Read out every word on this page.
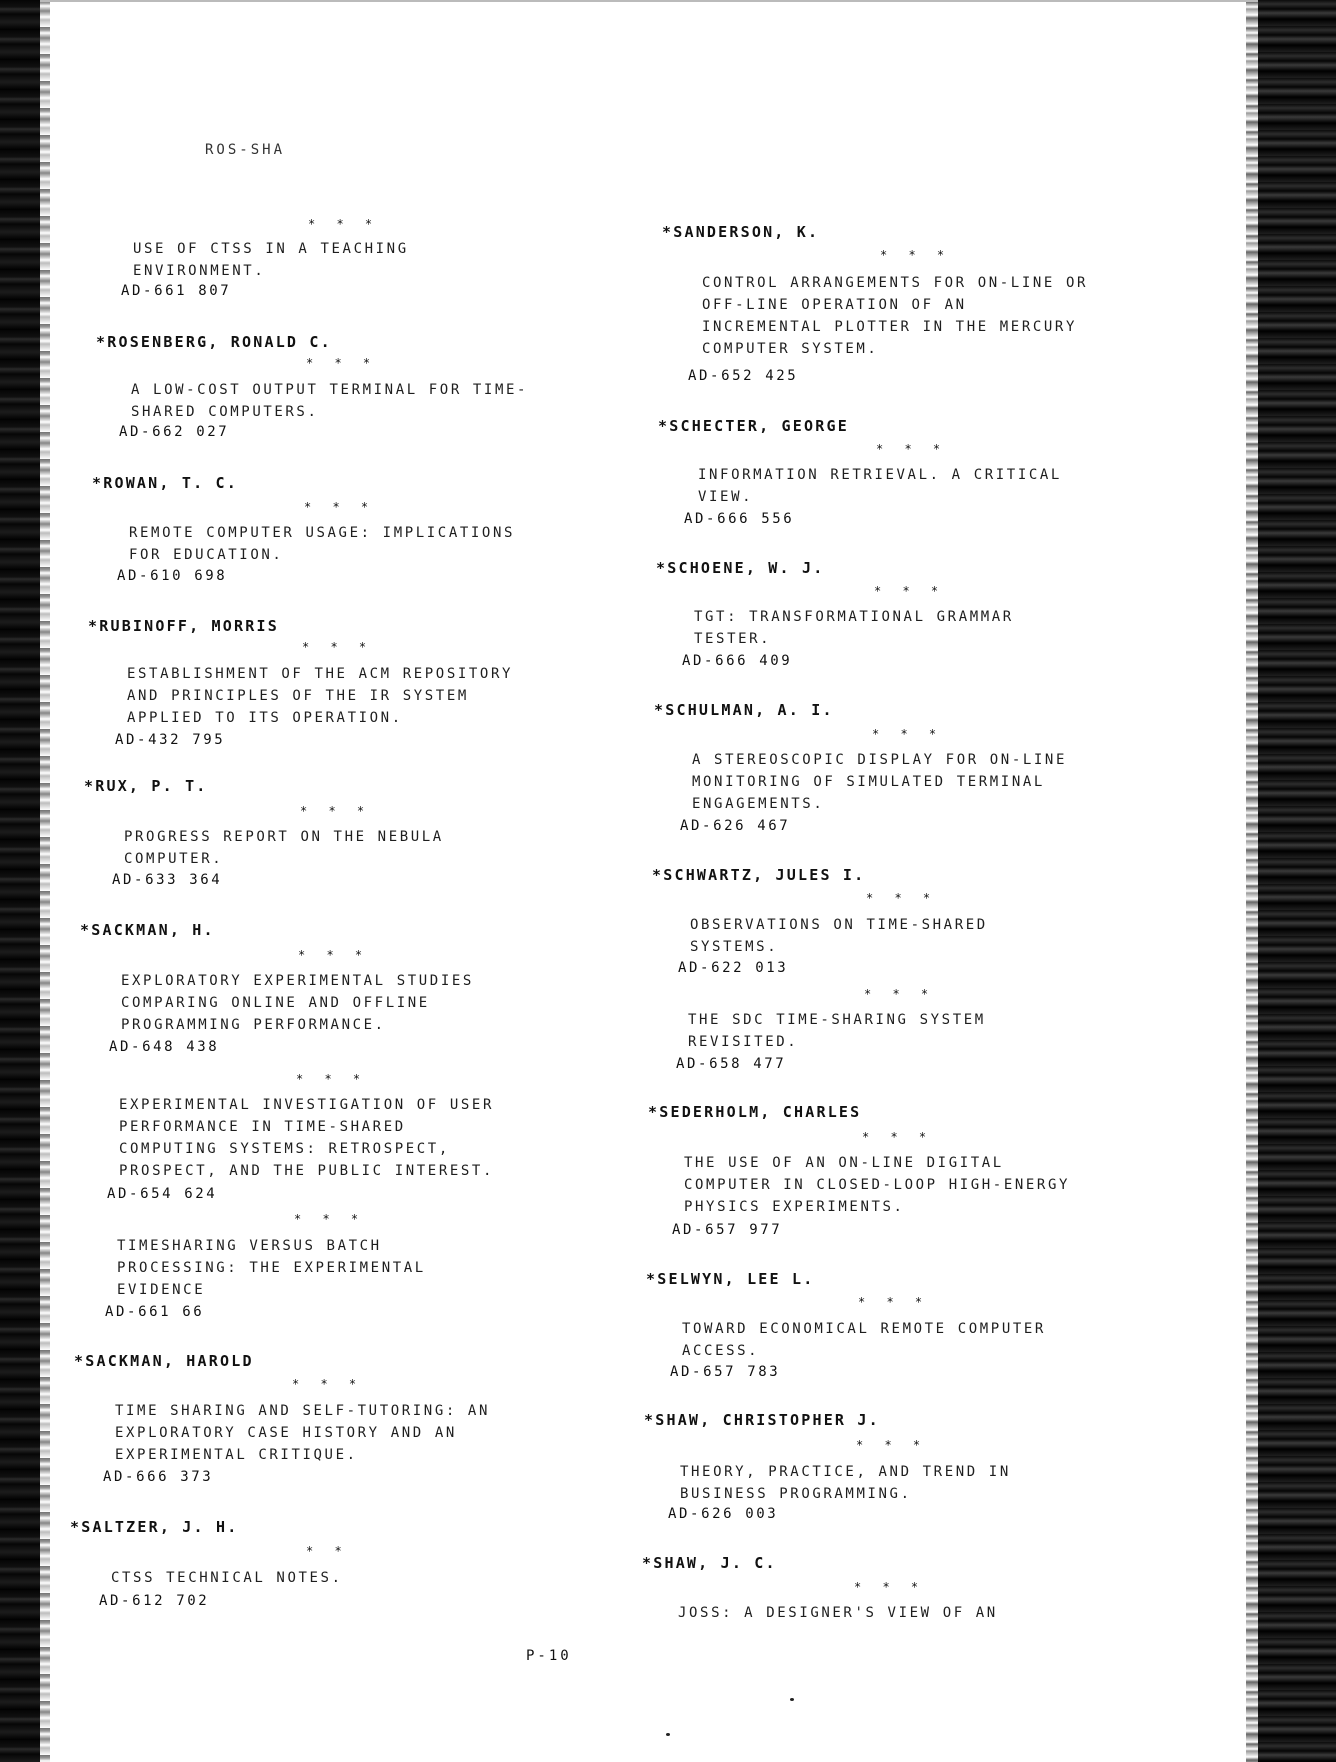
ROS-SHA
* * *
USE OF CTSS IN A TEACHING
ENVIRONMENT.
AD-661 807
*ROSENBERG, RONALD C.
* * *
A LOW-COST OUTPUT TERMINAL FOR TIME-
SHARED COMPUTERS.
AD-662 027
*ROWAN, T. C.
* * *
REMOTE COMPUTER USAGE: IMPLICATIONS
FOR EDUCATION.
AD-610 698
*RUBINOFF, MORRIS
* * *
ESTABLISHMENT OF THE ACM REPOSITORY
AND PRINCIPLES OF THE IR SYSTEM
APPLIED TO ITS OPERATION.
AD-432 795
*RUX, P. T.
* * *
PROGRESS REPORT ON THE NEBULA
COMPUTER.
AD-633 364
*SACKMAN, H.
* * *
EXPLORATORY EXPERIMENTAL STUDIES
COMPARING ONLINE AND OFFLINE
PROGRAMMING PERFORMANCE.
AD-648 438
* * *
EXPERIMENTAL INVESTIGATION OF USER
PERFORMANCE IN TIME-SHARED
COMPUTING SYSTEMS: RETROSPECT,
PROSPECT, AND THE PUBLIC INTEREST.
AD-654 624
* * *
TIMESHARING VERSUS BATCH
PROCESSING: THE EXPERIMENTAL
EVIDENCE
AD-661 66
*SACKMAN, HAROLD
* * *
TIME SHARING AND SELF-TUTORING: AN
EXPLORATORY CASE HISTORY AND AN
EXPERIMENTAL CRITIQUE.
AD-666 373
*SALTZER, J. H.
* *
CTSS TECHNICAL NOTES.
AD-612 702
*SANDERSON, K.
* * *
CONTROL ARRANGEMENTS FOR ON-LINE OR
OFF-LINE OPERATION OF AN
INCREMENTAL PLOTTER IN THE MERCURY
COMPUTER SYSTEM.
AD-652 425
*SCHECTER, GEORGE
* * *
INFORMATION RETRIEVAL. A CRITICAL
VIEW.
AD-666 556
*SCHOENE, W. J.
* * *
TGT: TRANSFORMATIONAL GRAMMAR
TESTER.
AD-666 409
*SCHULMAN, A. I.
* * *
A STEREOSCOPIC DISPLAY FOR ON-LINE
MONITORING OF SIMULATED TERMINAL
ENGAGEMENTS.
AD-626 467
*SCHWARTZ, JULES I.
* * *
OBSERVATIONS ON TIME-SHARED
SYSTEMS.
AD-622 013
* * *
THE SDC TIME-SHARING SYSTEM
REVISITED.
AD-658 477
*SEDERHOLM, CHARLES
* * *
THE USE OF AN ON-LINE DIGITAL
COMPUTER IN CLOSED-LOOP HIGH-ENERGY
PHYSICS EXPERIMENTS.
AD-657 977
*SELWYN, LEE L.
* * *
TOWARD ECONOMICAL REMOTE COMPUTER
ACCESS.
AD-657 783
*SHAW, CHRISTOPHER J.
* * *
THEORY, PRACTICE, AND TREND IN
BUSINESS PROGRAMMING.
AD-626 003
*SHAW, J. C.
* * *
JOSS: A DESIGNER'S VIEW OF AN
P-10
